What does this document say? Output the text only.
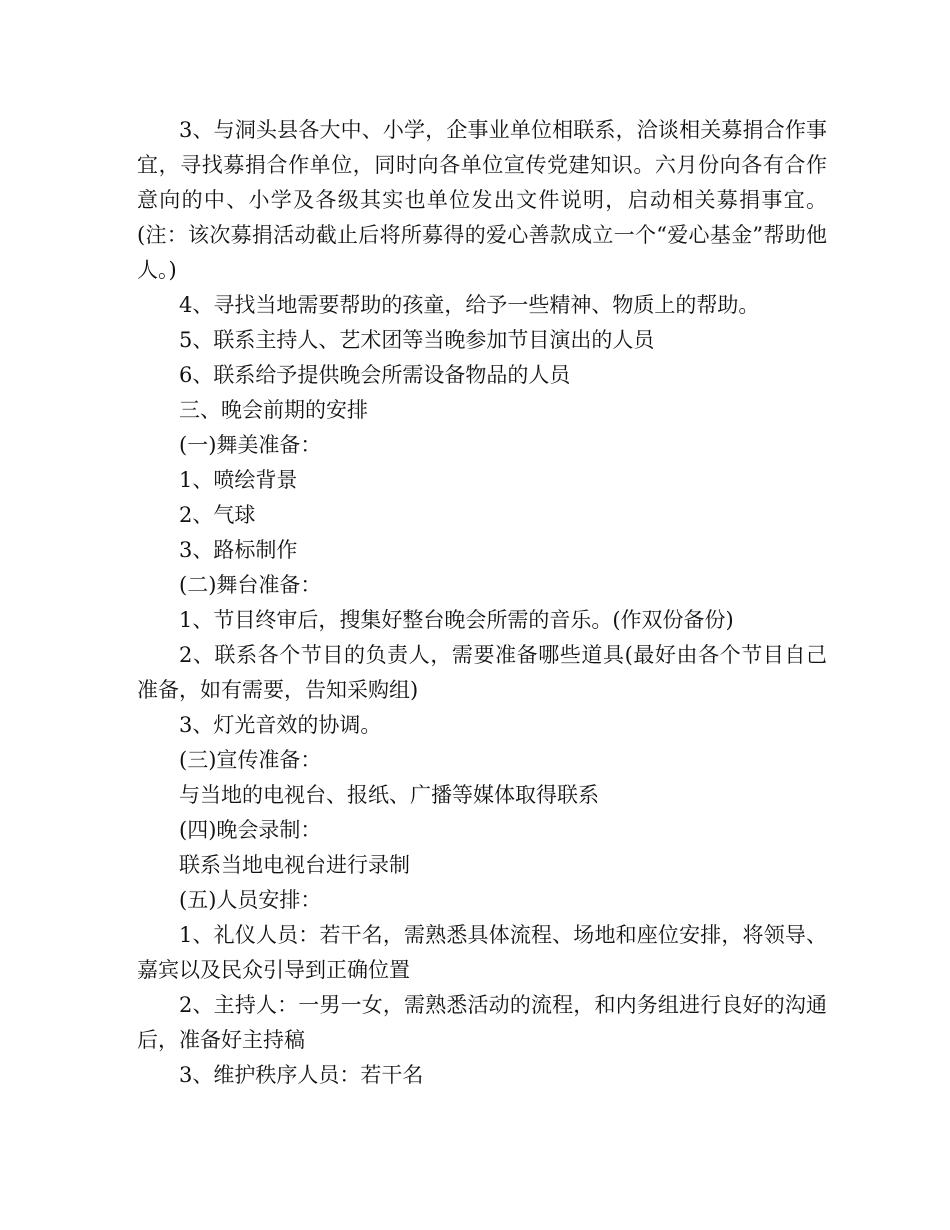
3、与洞头县各大中、小学，企事业单位相联系，洽谈相关募捐合作事宜，寻找募捐合作单位，同时向各单位宣传党建知识。六月份向各有合作意向的中、小学及各级其实也单位发出文件说明，启动相关募捐事宜。(注：该次募捐活动截止后将所募得的爱心善款成立一个“爱心基金”帮助他人。)

4、寻找当地需要帮助的孩童，给予一些精神、物质上的帮助。

5、联系主持人、艺术团等当晚参加节目演出的人员

6、联系给予提供晚会所需设备物品的人员

三、晚会前期的安排

(一)舞美准备：

1、喷绘背景

2、气球

3、路标制作

(二)舞台准备：

1、节目终审后，搜集好整台晚会所需的音乐。(作双份备份)

2、联系各个节目的负责人，需要准备哪些道具(最好由各个节目自己准备，如有需要，告知采购组)

3、灯光音效的协调。

(三)宣传准备：

与当地的电视台、报纸、广播等媒体取得联系

(四)晚会录制：

联系当地电视台进行录制

(五)人员安排：

1、礼仪人员：若干名，需熟悉具体流程、场地和座位安排，将领导、嘉宾以及民众引导到正确位置

2、主持人：一男一女，需熟悉活动的流程，和内务组进行良好的沟通后，准备好主持稿

3、维护秩序人员：若干名
